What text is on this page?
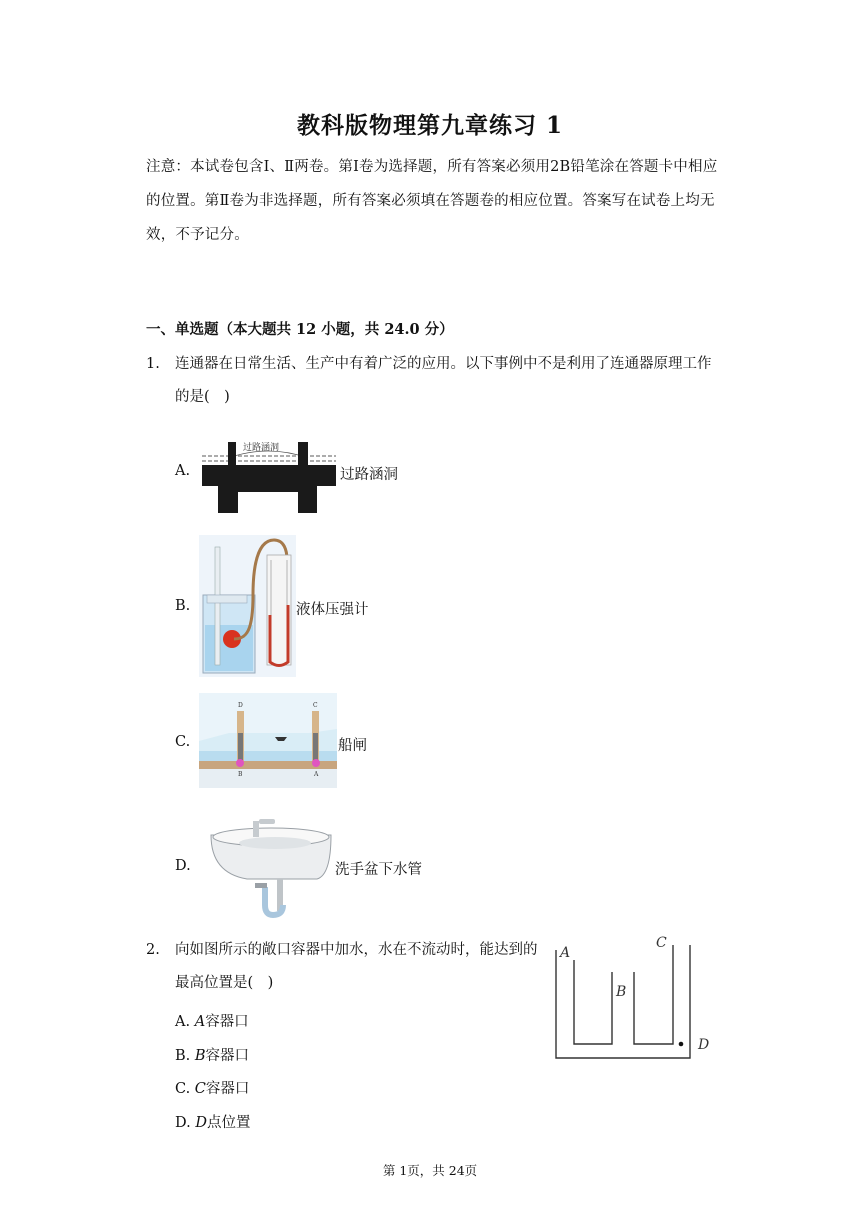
教科版物理第九章练习 1
注意：本试卷包含Ⅰ、Ⅱ两卷。第Ⅰ卷为选择题，所有答案必须用2B铅笔涂在答题卡中相应的位置。第Ⅱ卷为非选择题，所有答案必须填在答题卷的相应位置。答案写在试卷上均无效，不予记分。
一、单选题（本大题共 12 小题，共 24.0 分）
1. 连通器在日常生活、生产中有着广泛的应用。以下事例中不是利用了连通器原理工作的是(　)
A.
过路涵洞
过路涵洞
B.	液体压强计
C.
D	C
B	A
船闸
D.	洗手盆下水管
2. 向如图所示的敞口容器中加水，水在不流动时，能达到的最高位置是(　)
A. A容器口
B. B容器口
C. C容器口
D. D点位置
A
B
C
D
第 1页，共 24页
